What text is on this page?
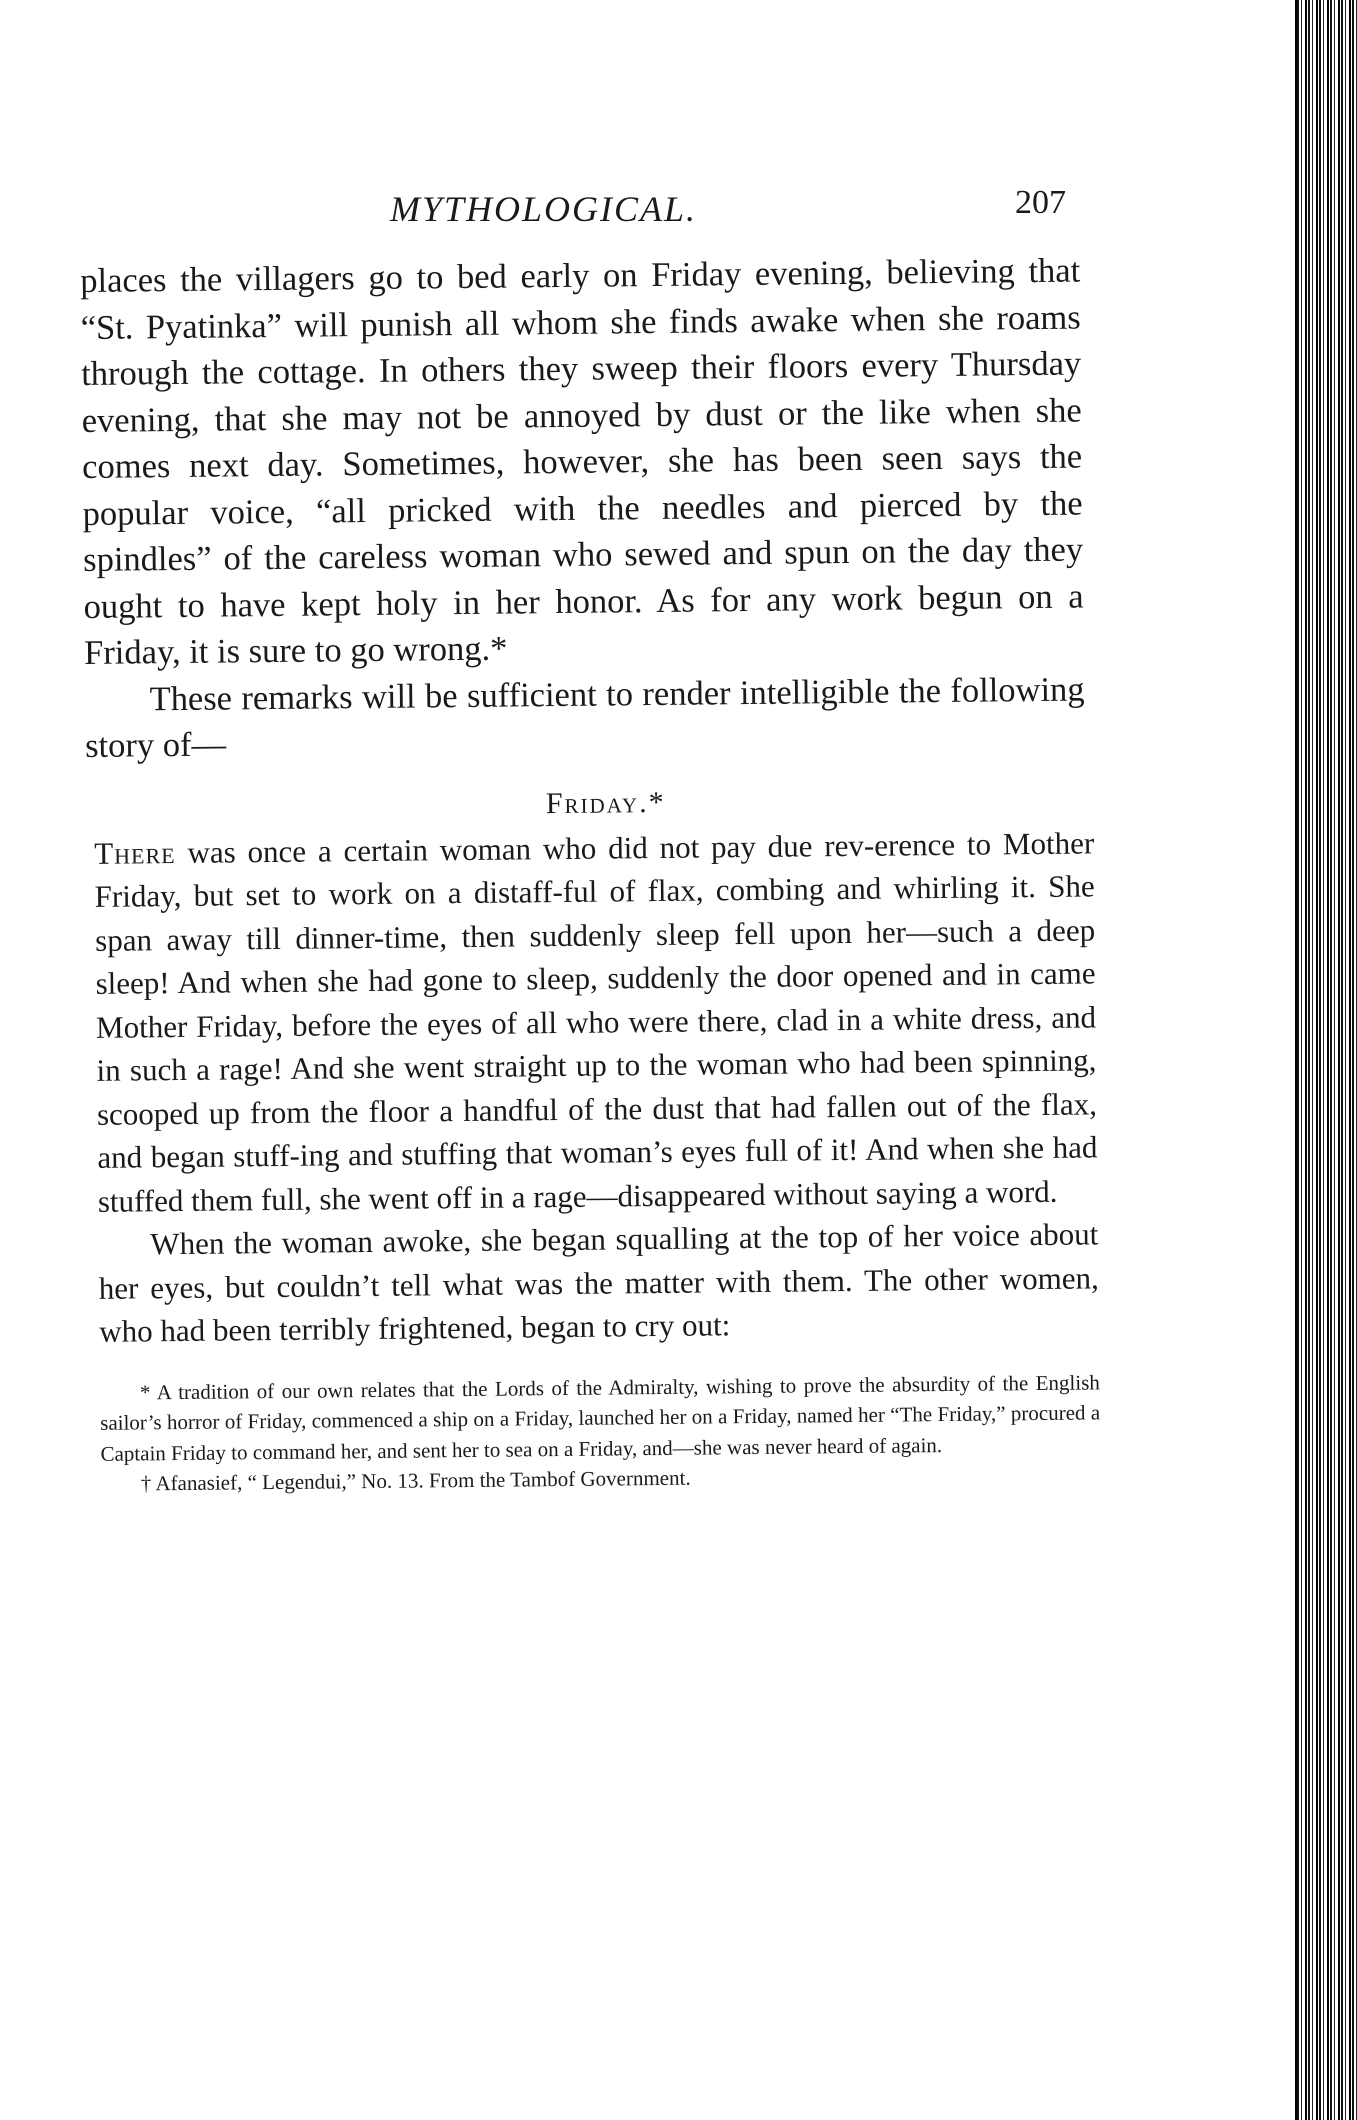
MYTHOLOGICAL.	207

places the villagers go to bed early on Friday evening, believing that “St. Pyatinka” will punish all whom she finds awake when she roams through the cottage. In others they sweep their floors every Thursday evening, that she may not be annoyed by dust or the like when she comes next day. Sometimes, however, she has been seen says the popular voice, “all pricked with the needles and pierced by the spindles” of the careless woman who sewed and spun on the day they ought to have kept holy in her honor. As for any work begun on a Friday, it is sure to go wrong.*

These remarks will be sufficient to render intelligible the following story of—

Friday.*

There was once a certain woman who did not pay due rev-erence to Mother Friday, but set to work on a distaff-ful of flax, combing and whirling it. She span away till dinner-time, then suddenly sleep fell upon her—such a deep sleep! And when she had gone to sleep, suddenly the door opened and in came Mother Friday, before the eyes of all who were there, clad in a white dress, and in such a rage! And she went straight up to the woman who had been spinning, scooped up from the floor a handful of the dust that had fallen out of the flax, and began stuff-ing and stuffing that woman’s eyes full of it! And when she had stuffed them full, she went off in a rage—disappeared without saying a word.

When the woman awoke, she began squalling at the top of her voice about her eyes, but couldn’t tell what was the matter with them. The other women, who had been terribly frightened, began to cry out:

* A tradition of our own relates that the Lords of the Admiralty, wishing to prove the absurdity of the English sailor’s horror of Friday, commenced a ship on a Friday, launched her on a Friday, named her “The Friday,” procured a Captain Friday to command her, and sent her to sea on a Friday, and—she was never heard of again.

† Afanasief, “ Legendui,” No. 13. From the Tambof Government.
